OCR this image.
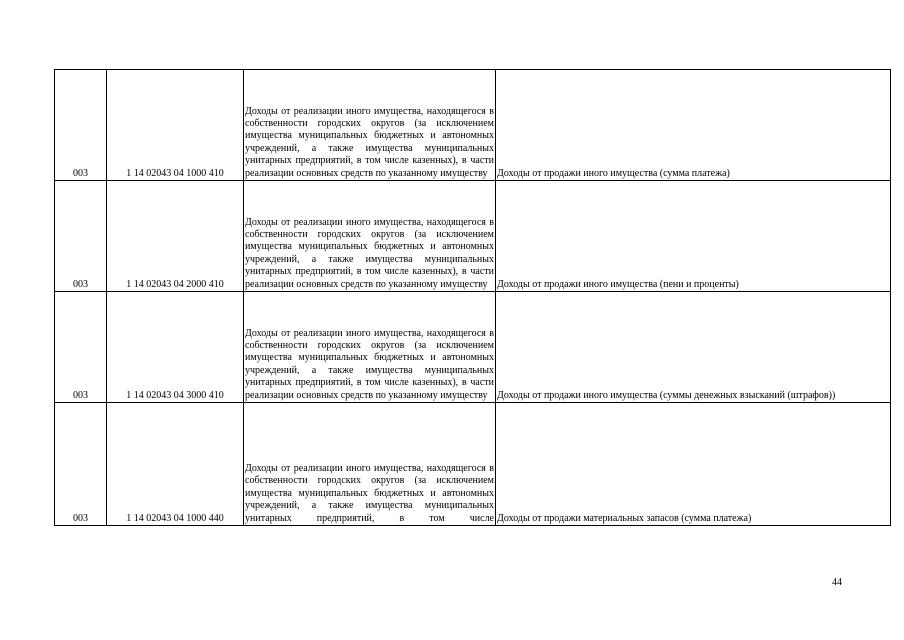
003	1 14 02043 04 1000 410	Доходы от реализации иного имущества, находящегося в собственности городских округов (за исключением имущества муниципальных бюджетных и автономных учреждений, а также имущества муниципальных унитарных предприятий, в том числе казенных), в части реализации основных средств по указанному имуществу	Доходы от продажи иного имущества (сумма платежа)
003	1 14 02043 04 2000 410	Доходы от реализации иного имущества, находящегося в собственности городских округов (за исключением имущества муниципальных бюджетных и автономных учреждений, а также имущества муниципальных унитарных предприятий, в том числе казенных), в части реализации основных средств по указанному имуществу	Доходы от продажи иного имущества (пени и проценты)
003	1 14 02043 04 3000 410	Доходы от реализации иного имущества, находящегося в собственности городских округов (за исключением имущества муниципальных бюджетных и автономных учреждений, а также имущества муниципальных унитарных предприятий, в том числе казенных), в части реализации основных средств по указанному имуществу	Доходы от продажи иного имущества (суммы денежных взысканий (штрафов))
003	1 14 02043 04 1000 440	Доходы от реализации иного имущества, находящегося в собственности городских округов (за исключением имущества муниципальных бюджетных и автономных учреждений, а также имущества муниципальных унитарных предприятий, в том числе	Доходы от продажи материальных запасов (сумма платежа)
44
